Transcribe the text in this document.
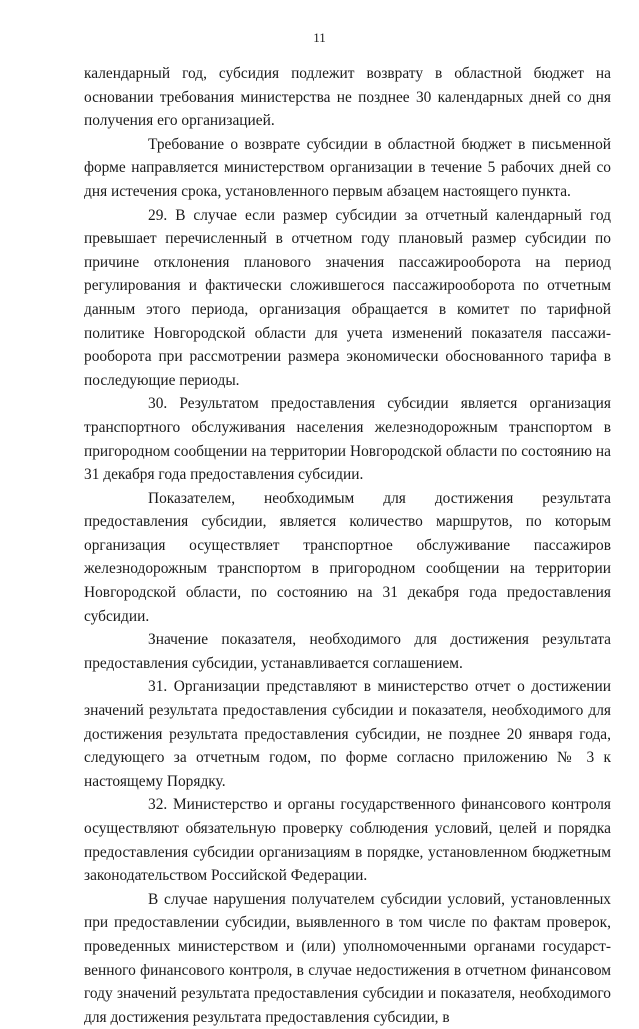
11

календарный год, субсидия подлежит возврату в областной бюджет на основании требования министерства не позднее 30 календарных дней со дня получения его организацией.

Требование о возврате субсидии в областной бюджет в письменной форме направляется министерством организации в течение 5 рабочих дней со дня истечения срока, установленного первым абзацем настоящего пункта.

29. В случае если размер субсидии за отчетный календарный год превышает перечисленный в отчетном году плановый размер субсидии по причине отклонения планового значения пассажирооборота на период регулирования и фактически сложившегося пассажирооборота по отчетным данным этого периода, организация обращается в комитет по тарифной политике Новгородской области для учета изменений показателя пассажирооборота при рассмотрении размера экономически обоснованного тарифа в последующие периоды.

30. Результатом предоставления субсидии является организация транспортного обслуживания населения железнодорожным транспортом в пригородном сообщении на территории Новгородской области по состоянию на 31 декабря года предоставления субсидии.

Показателем, необходимым для достижения результата предоставления субсидии, является количество маршрутов, по которым организация осуществляет транспортное обслуживание пассажиров железнодорожным транспортом в пригородном сообщении на территории Новгородской области, по состоянию на 31 декабря года предоставления субсидии.

Значение показателя, необходимого для достижения результата предоставления субсидии, устанавливается соглашением.

31. Организации представляют в министерство отчет о достижении значений результата предоставления субсидии и показателя, необходимого для достижения результата предоставления субсидии, не позднее 20 января года, следующего за отчетным годом, по форме согласно приложению № 3 к настоящему Порядку.

32. Министерство и органы государственного финансового контроля осуществляют обязательную проверку соблюдения условий, целей и порядка предоставления субсидии организациям в порядке, установленном бюджетным законодательством Российской Федерации.

В случае нарушения получателем субсидии условий, установленных при предоставлении субсидии, выявленного в том числе по фактам проверок, проведенных министерством и (или) уполномоченными органами государственного финансового контроля, в случае недостижения в отчетном финансовом году значений результата предоставления субсидии и показателя, необходимого для достижения результата предоставления субсидии, в
